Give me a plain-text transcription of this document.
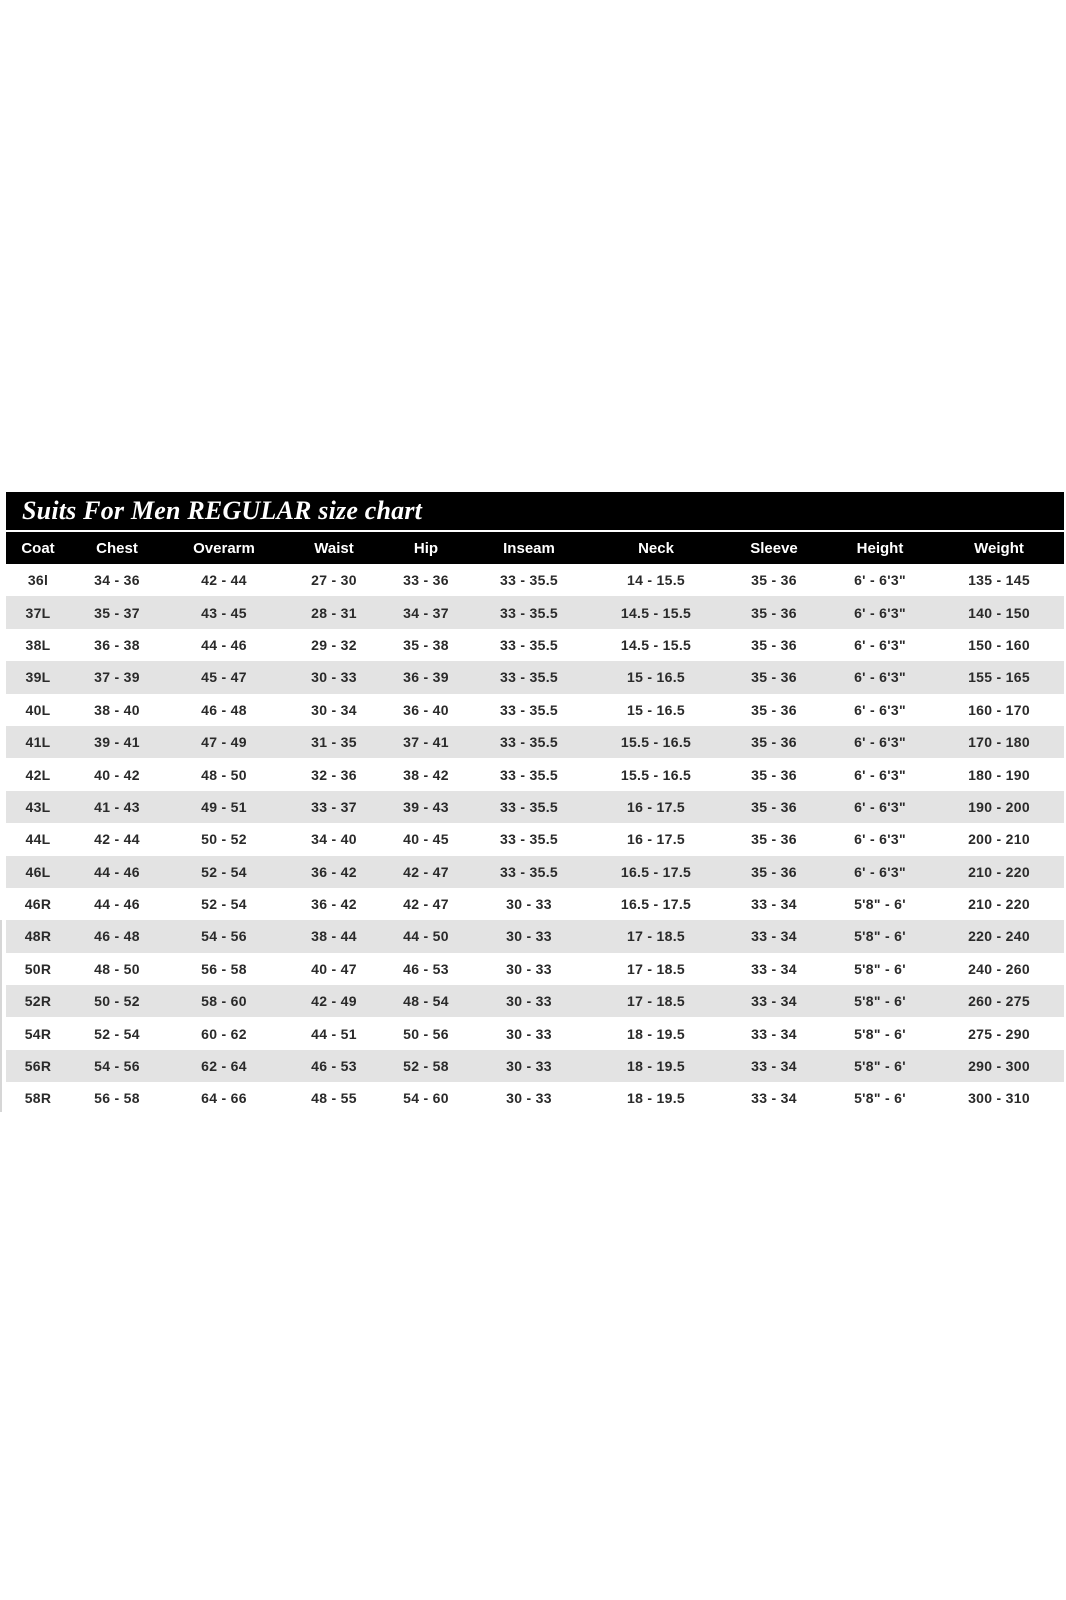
Suits For Men REGULAR size chart
Coat	Chest	Overarm	Waist	Hip	Inseam	Neck	Sleeve	Height	Weight
36l	34 - 36	42 - 44	27 - 30	33 - 36	33 - 35.5	14 - 15.5	35 - 36	6' - 6'3"	135 - 145
37L	35 - 37	43 - 45	28 - 31	34 - 37	33 - 35.5	14.5 - 15.5	35 - 36	6' - 6'3"	140 - 150
38L	36 - 38	44 - 46	29 - 32	35 - 38	33 - 35.5	14.5 - 15.5	35 - 36	6' - 6'3"	150 - 160
39L	37 - 39	45 - 47	30 - 33	36 - 39	33 - 35.5	15 - 16.5	35 - 36	6' - 6'3"	155 - 165
40L	38 - 40	46 - 48	30 - 34	36 - 40	33 - 35.5	15 - 16.5	35 - 36	6' - 6'3"	160 - 170
41L	39 - 41	47 - 49	31 - 35	37 - 41	33 - 35.5	15.5 - 16.5	35 - 36	6' - 6'3"	170 - 180
42L	40 - 42	48 - 50	32 - 36	38 - 42	33 - 35.5	15.5 - 16.5	35 - 36	6' - 6'3"	180 - 190
43L	41 - 43	49 - 51	33 - 37	39 - 43	33 - 35.5	16 - 17.5	35 - 36	6' - 6'3"	190 - 200
44L	42 - 44	50 - 52	34 - 40	40 - 45	33 - 35.5	16 - 17.5	35 - 36	6' - 6'3"	200 - 210
46L	44 - 46	52 - 54	36 - 42	42 - 47	33 - 35.5	16.5 - 17.5	35 - 36	6' - 6'3"	210 - 220
46R	44 - 46	52 - 54	36 - 42	42 - 47	30 - 33	16.5 - 17.5	33 - 34	5'8" - 6'	210 - 220
48R	46 - 48	54 - 56	38 - 44	44 - 50	30 - 33	17 - 18.5	33 - 34	5'8" - 6'	220 - 240
50R	48 - 50	56 - 58	40 - 47	46 - 53	30 - 33	17 - 18.5	33 - 34	5'8" - 6'	240 - 260
52R	50 - 52	58 - 60	42 - 49	48 - 54	30 - 33	17 - 18.5	33 - 34	5'8" - 6'	260 - 275
54R	52 - 54	60 - 62	44 - 51	50 - 56	30 - 33	18 - 19.5	33 - 34	5'8" - 6'	275 - 290
56R	54 - 56	62 - 64	46 - 53	52 - 58	30 - 33	18 - 19.5	33 - 34	5'8" - 6'	290 - 300
58R	56 - 58	64 - 66	48 - 55	54 - 60	30 - 33	18 - 19.5	33 - 34	5'8" - 6'	300 - 310
